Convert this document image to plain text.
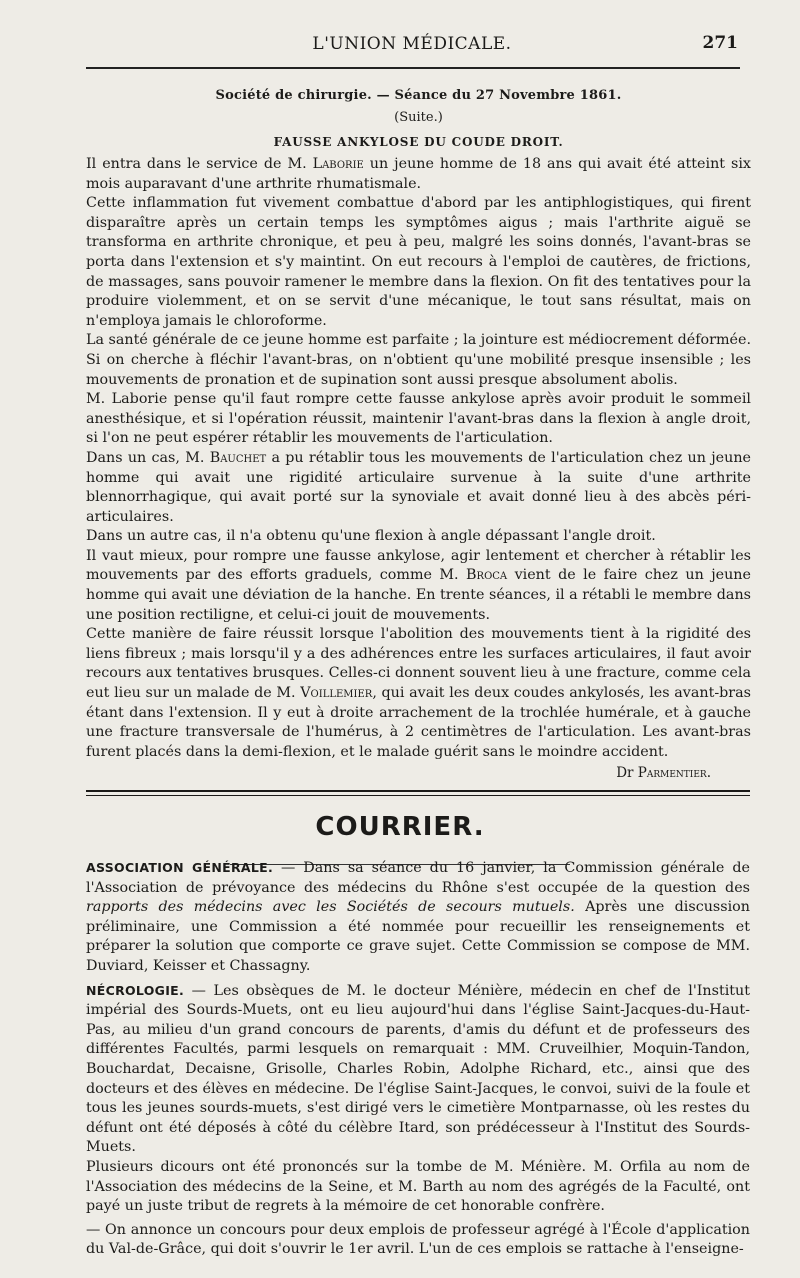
L'UNION MÉDICALE.	271
Société de chirurgie. — Séance du 27 Novembre 1861.
(Suite.)
FAUSSE ANKYLOSE DU COUDE DROIT.

Il entra dans le service de M. Laborie un jeune homme de 18 ans qui avait été atteint six mois auparavant d'une arthrite rhumatismale.

Cette inflammation fut vivement combattue d'abord par les antiphlogistiques, qui firent disparaître après un certain temps les symptômes aigus ; mais l'arthrite aiguë se transforma en arthrite chronique, et peu à peu, malgré les soins donnés, l'avant-bras se porta dans l'extension et s'y maintint. On eut recours à l'emploi de cautères, de frictions, de massages, sans pouvoir ramener le membre dans la flexion. On fit des tentatives pour la produire violemment, et on se servit d'une mécanique, le tout sans résultat, mais on n'employa jamais le chloroforme.

La santé générale de ce jeune homme est parfaite ; la jointure est médiocrement déformée. Si on cherche à fléchir l'avant-bras, on n'obtient qu'une mobilité presque insensible ; les mouvements de pronation et de supination sont aussi presque absolument abolis.

M. Laborie pense qu'il faut rompre cette fausse ankylose après avoir produit le sommeil anesthésique, et si l'opération réussit, maintenir l'avant-bras dans la flexion à angle droit, si l'on ne peut espérer rétablir les mouvements de l'articulation.

Dans un cas, M. Bauchet a pu rétablir tous les mouvements de l'articulation chez un jeune homme qui avait une rigidité articulaire survenue à la suite d'une arthrite blennorrhagique, qui avait porté sur la synoviale et avait donné lieu à des abcès péri-articulaires.

Dans un autre cas, il n'a obtenu qu'une flexion à angle dépassant l'angle droit.

Il vaut mieux, pour rompre une fausse ankylose, agir lentement et chercher à rétablir les mouvements par des efforts graduels, comme M. Broca vient de le faire chez un jeune homme qui avait une déviation de la hanche. En trente séances, il a rétabli le membre dans une position rectiligne, et celui-ci jouit de mouvements.

Cette manière de faire réussit lorsque l'abolition des mouvements tient à la rigidité des liens fibreux ; mais lorsqu'il y a des adhérences entre les surfaces articulaires, il faut avoir recours aux tentatives brusques. Celles-ci donnent souvent lieu à une fracture, comme cela eut lieu sur un malade de M. Voillemier, qui avait les deux coudes ankylosés, les avant-bras étant dans l'extension. Il y eut à droite arrachement de la trochlée humérale, et à gauche une fracture transversale de l'humérus, à 2 centimètres de l'articulation. Les avant-bras furent placés dans la demi-flexion, et le malade guérit sans le moindre accident.

Dr Parmentier.
COURRIER.

ASSOCIATION GÉNÉRALE. — Dans sa séance du 16 janvier, la Commission générale de l'Association de prévoyance des médecins du Rhône s'est occupée de la question des rapports des médecins avec les Sociétés de secours mutuels. Après une discussion préliminaire, une Commission a été nommée pour recueillir les renseignements et préparer la solution que comporte ce grave sujet. Cette Commission se compose de MM. Duviard, Keisser et Chassagny.

NÉCROLOGIE. — Les obsèques de M. le docteur Ménière, médecin en chef de l'Institut impérial des Sourds-Muets, ont eu lieu aujourd'hui dans l'église Saint-Jacques-du-Haut-Pas, au milieu d'un grand concours de parents, d'amis du défunt et de professeurs des différentes Facultés, parmi lesquels on remarquait : MM. Cruveilhier, Moquin-Tandon, Bouchardat, Decaisne, Grisolle, Charles Robin, Adolphe Richard, etc., ainsi que des docteurs et des élèves en médecine. De l'église Saint-Jacques, le convoi, suivi de la foule et tous les jeunes sourds-muets, s'est dirigé vers le cimetière Montparnasse, où les restes du défunt ont été déposés à côté du célèbre Itard, son prédécesseur à l'Institut des Sourds-Muets.

Plusieurs dicours ont été prononcés sur la tombe de M. Ménière. M. Orfila au nom de l'Association des médecins de la Seine, et M. Barth au nom des agrégés de la Faculté, ont payé un juste tribut de regrets à la mémoire de cet honorable confrère.

— On annonce un concours pour deux emplois de professeur agrégé à l'École d'application du Val-de-Grâce, qui doit s'ouvrir le 1er avril. L'un de ces emplois se rattache à l'enseigne-
